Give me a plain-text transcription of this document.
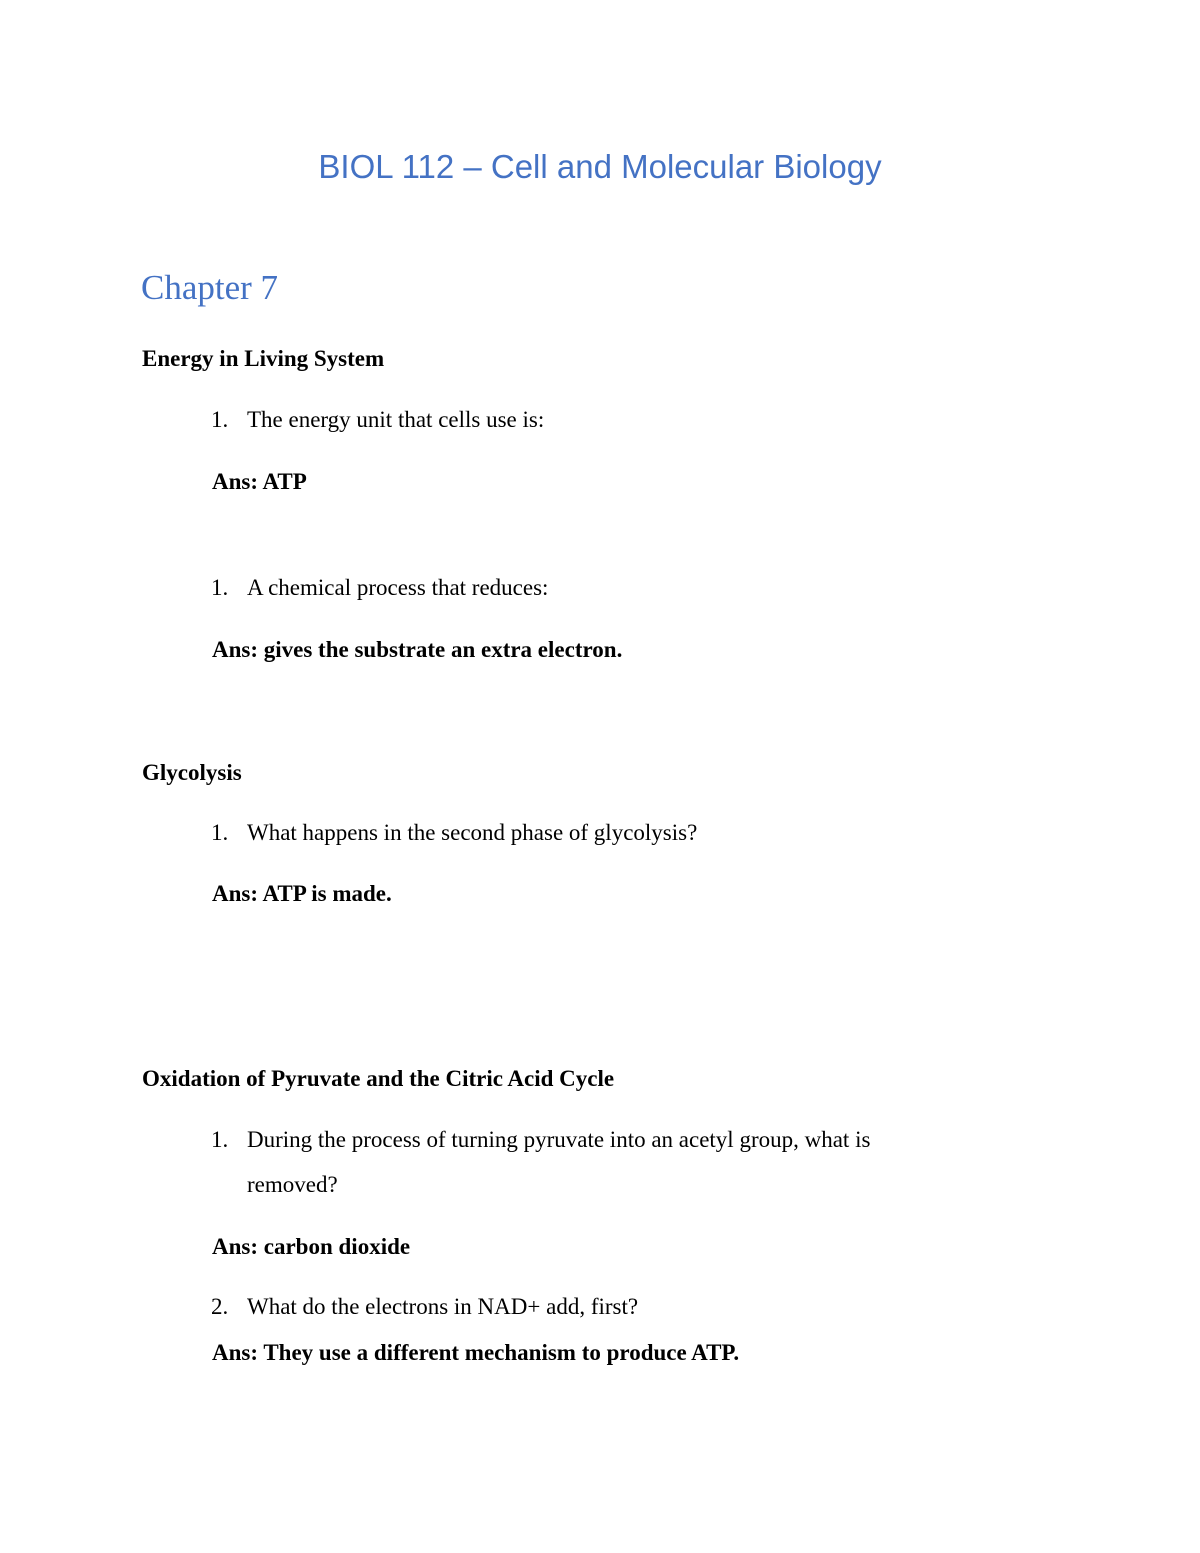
BIOL 112 – Cell and Molecular Biology
Chapter 7
Energy in Living System
1. The energy unit that cells use is:
Ans: ATP
1. A chemical process that reduces:
Ans: gives the substrate an extra electron.
Glycolysis
1. What happens in the second phase of glycolysis?
Ans: ATP is made.
Oxidation of Pyruvate and the Citric Acid Cycle
1. During the process of turning pyruvate into an acetyl group, what is
removed?
Ans: carbon dioxide
2. What do the electrons in NAD+ add, first?
Ans: They use a different mechanism to produce ATP.
